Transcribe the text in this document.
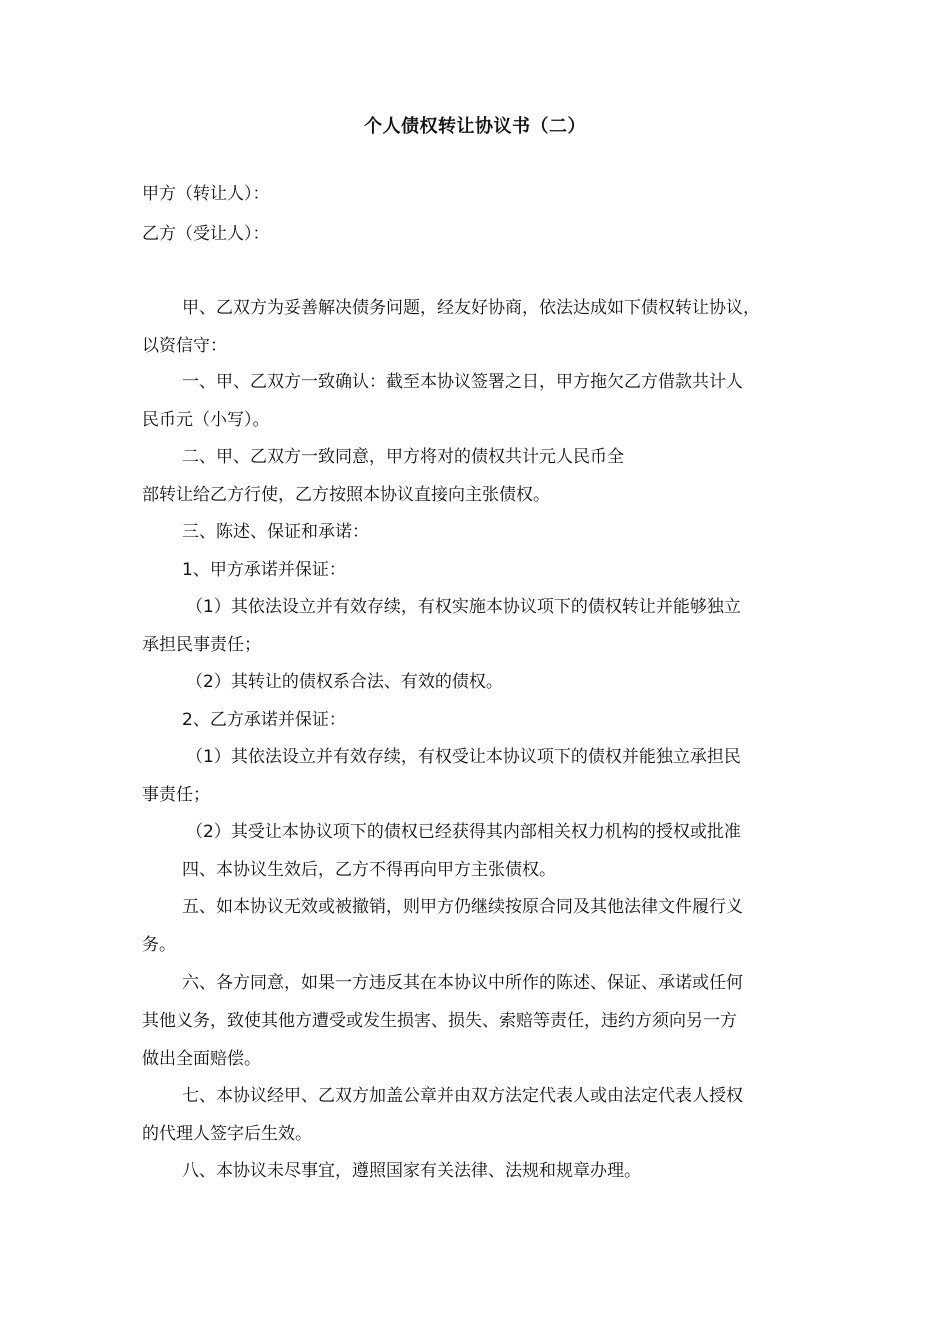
个人债权转让协议书（二）
甲方（转让人）：
乙方（受让人）：
甲、乙双方为妥善解决债务问题，经友好协商，依法达成如下债权转让协议，
以资信守：
一、甲、乙双方一致确认：截至本协议签署之日，甲方拖欠乙方借款共计人
民币元（小写）。
二、甲、乙双方一致同意，甲方将对的债权共计元人民币全
部转让给乙方行使，乙方按照本协议直接向主张债权。
三、陈述、保证和承诺：
1、甲方承诺并保证：
（1）其依法设立并有效存续，有权实施本协议项下的债权转让并能够独立
承担民事责任；
（2）其转让的债权系合法、有效的债权。
2、乙方承诺并保证：
（1）其依法设立并有效存续，有权受让本协议项下的债权并能独立承担民
事责任；
（2）其受让本协议项下的债权已经获得其内部相关权力机构的授权或批准
四、本协议生效后，乙方不得再向甲方主张债权。
五、如本协议无效或被撤销，则甲方仍继续按原合同及其他法律文件履行义
务。
六、各方同意，如果一方违反其在本协议中所作的陈述、保证、承诺或任何
其他义务，致使其他方遭受或发生损害、损失、索赔等责任，违约方须向另一方
做出全面赔偿。
七、本协议经甲、乙双方加盖公章并由双方法定代表人或由法定代表人授权
的代理人签字后生效。
八、本协议未尽事宜，遵照国家有关法律、法规和规章办理。
